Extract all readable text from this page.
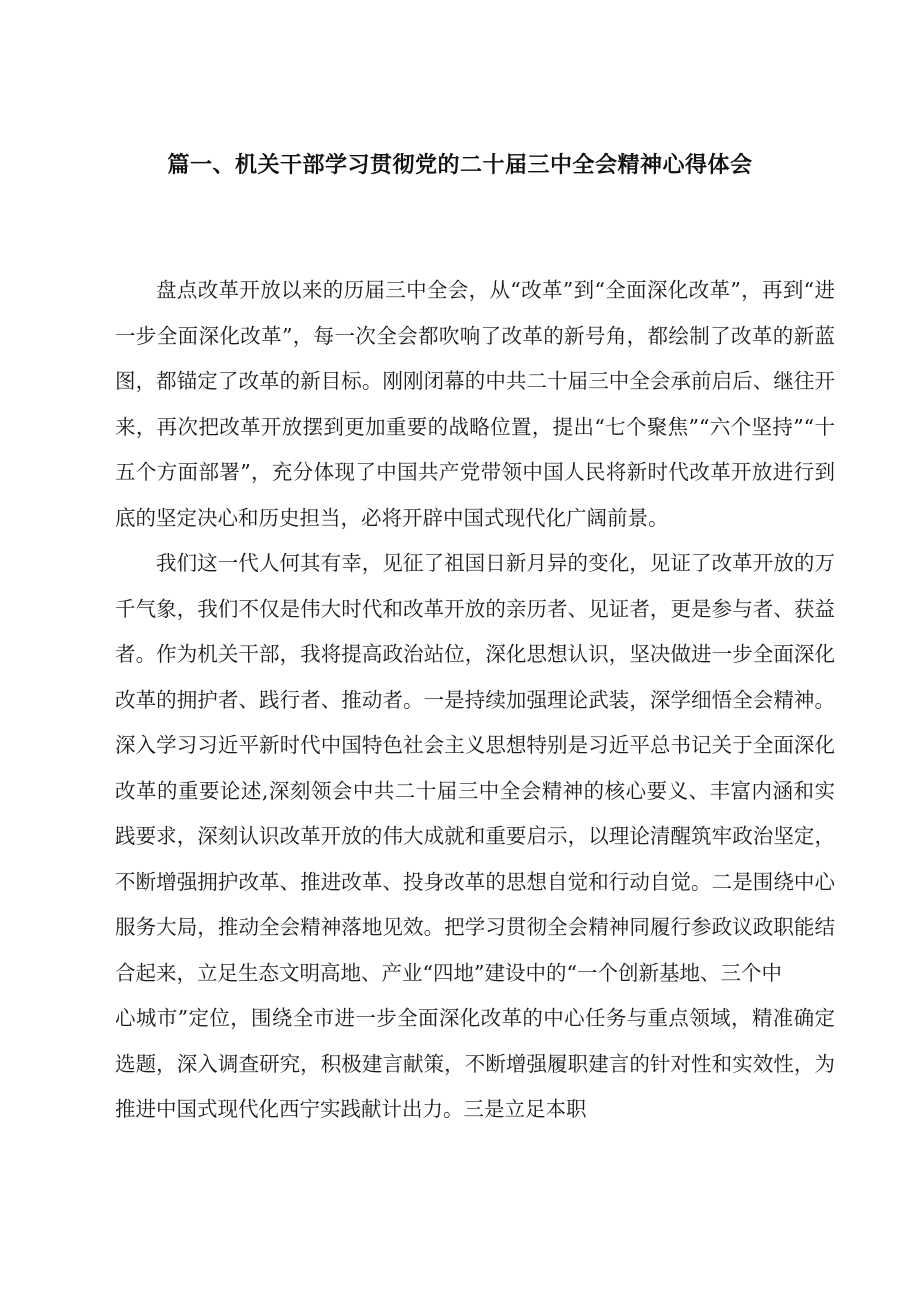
篇一、机关干部学习贯彻党的二十届三中全会精神心得体会

盘点改革开放以来的历届三中全会，从“改革”到“全面深化改革”，再到“进一步全面深化改革”，每一次全会都吹响了改革的新号角，都绘制了改革的新蓝图，都锚定了改革的新目标。刚刚闭幕的中共二十届三中全会承前启后、继往开来，再次把改革开放摆到更加重要的战略位置，提出“七个聚焦”“六个坚持”“十五个方面部署”，充分体现了中国共产党带领中国人民将新时代改革开放进行到底的坚定决心和历史担当，必将开辟中国式现代化广阔前景。

我们这一代人何其有幸，见征了祖国日新月异的变化，见证了改革开放的万千气象，我们不仅是伟大时代和改革开放的亲历者、见证者，更是参与者、获益者。作为机关干部，我将提高政治站位，深化思想认识，坚决做进一步全面深化改革的拥护者、践行者、推动者。一是持续加强理论武装，深学细悟全会精神。深入学习习近平新时代中国特色社会主义思想特别是习近平总书记关于全面深化改革的重要论述,深刻领会中共二十届三中全会精神的核心要义、丰富内涵和实践要求，深刻认识改革开放的伟大成就和重要启示，以理论清醒筑牢政治坚定，不断增强拥护改革、推进改革、投身改革的思想自觉和行动自觉。二是围绕中心服务大局，推动全会精神落地见效。把学习贯彻全会精神同履行参政议政职能结合起来，立足生态文明高地、产业“四地”建设中的“一个创新基地、三个中

心城市”定位，围绕全市进一步全面深化改革的中心任务与重点领域，精准确定选题，深入调查研究，积极建言献策，不断增强履职建言的针对性和实效性，为推进中国式现代化西宁实践献计出力。三是立足本职
